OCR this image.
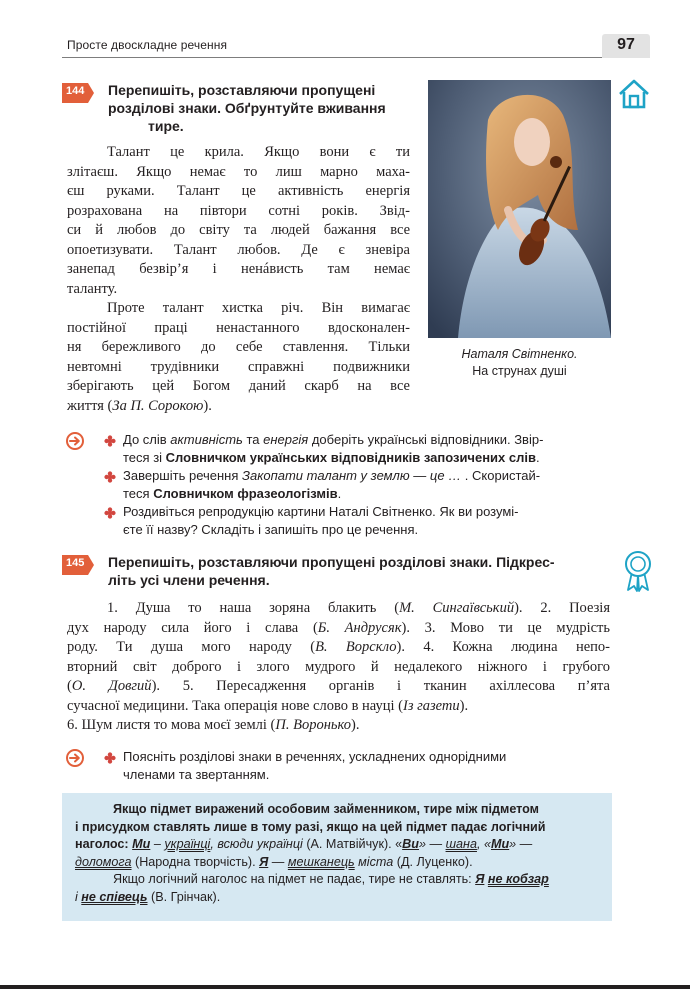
Просте двоскладне речення	97
144 Перепишіть, розставляючи пропущені
розділові знаки. Обґрунтуйте вживання
тире.
Талант це крила. Якщо вони є ти
злітаєш. Якщо немає то лиш марно маха-
єш руками. Талант це активність енергія
розрахована на півтори сотні років. Звід-
си й любов до світу та людей бажання все
опоетизувати. Талант любов. Де є зневіра
занепад безвір’я і ненáвисть там немає
таланту.
Проте талант хистка річ. Він вимагає
постійної праці ненастанного вдосконален-
ня бережливого до себе ставлення. Тільки
невтомні трудівники справжні подвижники
зберігають цей Богом даний скарб на все
життя (За П. Сорокою).
Наталя Світненко.
На струнах душі
До слів активність та енергія доберіть українські відповідники. Звір-
теся зі Словничком українських відповідників запозичених слів.
Завершіть речення Закопати талант у землю — це … . Скористай-
теся Словничком фразеологізмів.
Роздивіться репродукцію картини Наталі Світненко. Як ви розумі-
єте її назву? Складіть і запишіть про це речення.
145 Перепишіть, розставляючи пропущені розділові знаки. Підкрес-
літь усі члени речення.
1. Душа то наша зоряна блакить (М. Сингаївський). 2. Поезія
дух народу сила його і слава (Б. Андрусяк). 3. Мово ти це мудрість
роду. Ти душа мого народу (В. Ворскло). 4. Кожна людина непо-
вторний світ доброго і злого мудрого й недалекого ніжного і грубого
(О. Довгий). 5. Пересадження органів і тканин ахіллесова п’ята
сучасної медицини. Така операція нове слово в науці (Із газети).
6. Шум листя то мова моєї землі (П. Воронько).
Поясніть розділові знаки в реченнях, ускладнених однорідними
членами та звертанням.
Якщо підмет виражений особовим займенником, тире між підметом
і присудком ставлять лише в тому разі, якщо на цей підмет падає логічний
наголос: Ми – українці, всюди українці (А. Матвійчук). «Ви» — шана, «Ми» —
доломога (Народна творчість). Я — мешканець міста (Д. Луценко).
Якщо логічний наголос на підмет не падає, тире не ставлять: Я не кобзар
і не співець (В. Грінчак).
